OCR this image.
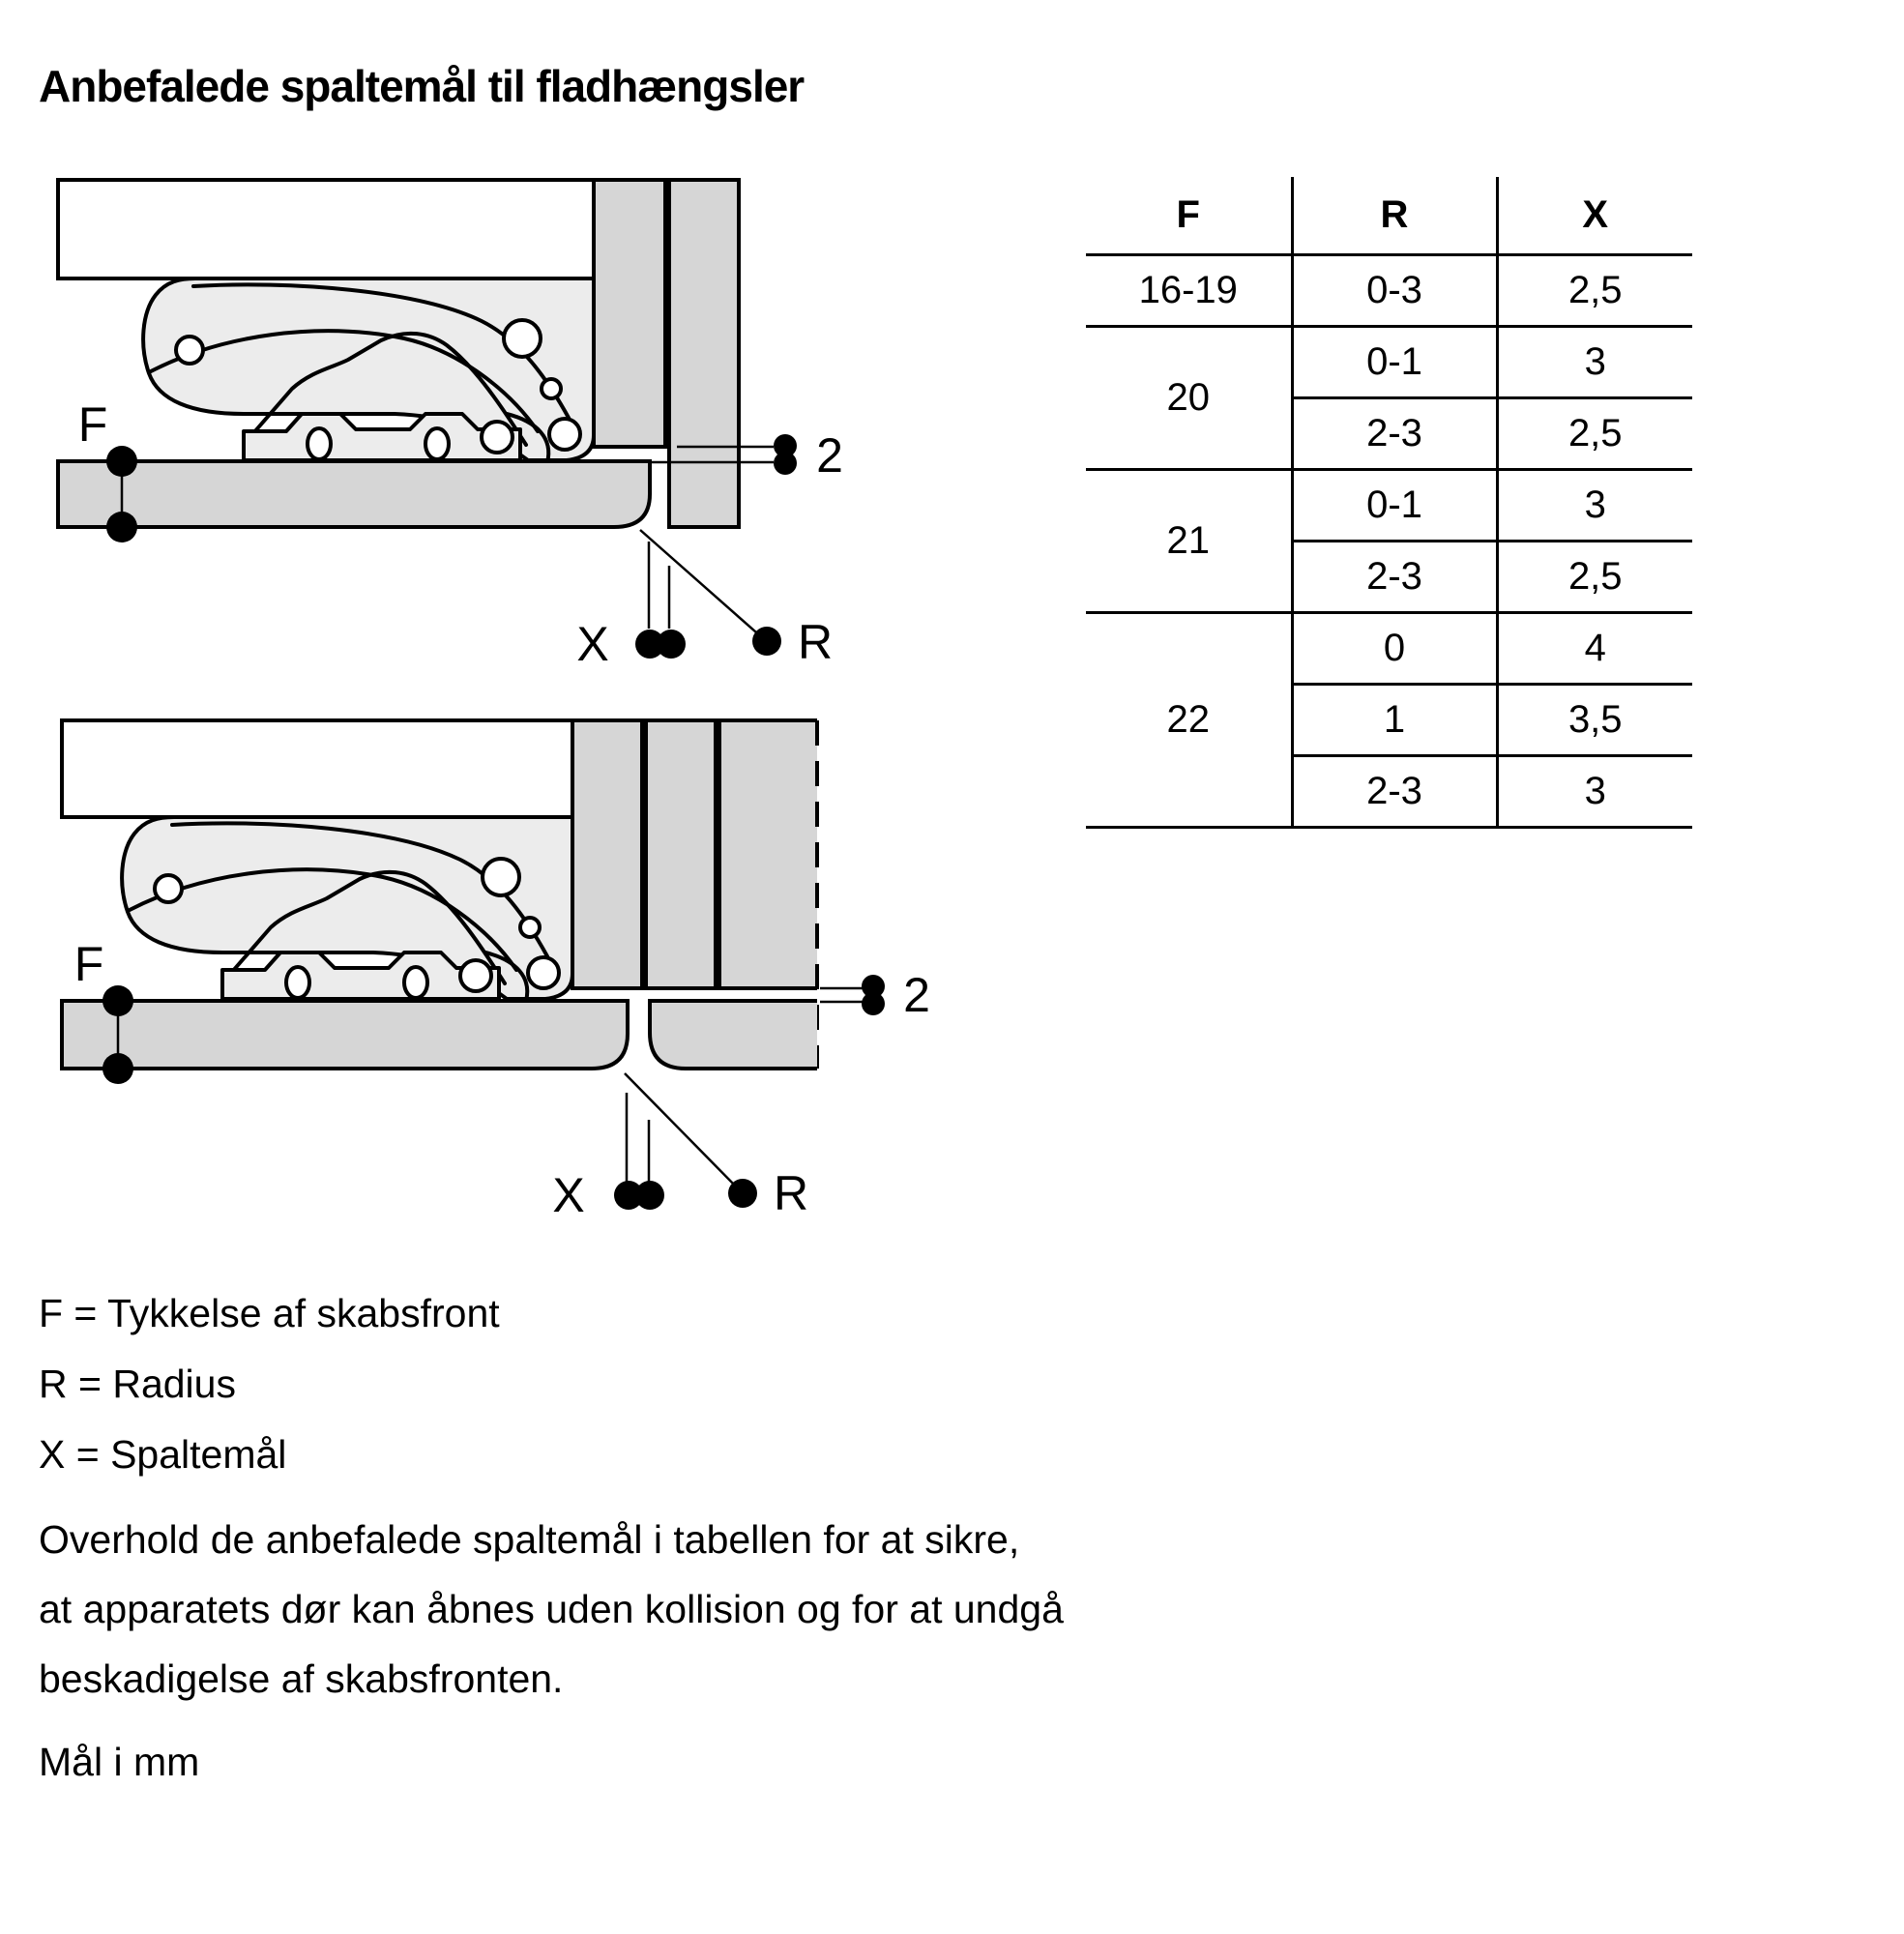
Anbefalede spaltemål til fladhængsler
F
2
X	R
F
2
X	R
F	R	X
16-19	0-3	2,5
20	0-1	3
	2-3	2,5
21	0-1	3
	2-3	2,5
22	0	4
	1	3,5
	2-3	3
F = Tykkelse af skabsfront
R = Radius
X = Spaltemål
Overhold de anbefalede spaltemål i tabellen for at sikre,
at apparatets dør kan åbnes uden kollision og for at undgå
beskadigelse af skabsfronten.
Mål i mm
